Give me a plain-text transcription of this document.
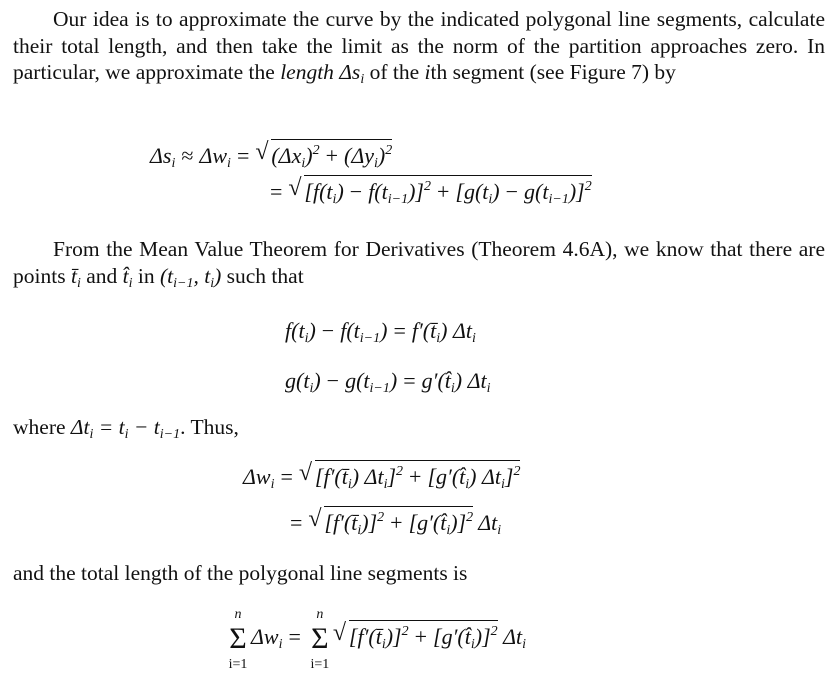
Our idea is to approximate the curve by the indicated polygonal line segments, calculate their total length, and then take the limit as the norm of the partition approaches zero. In particular, we approximate the length $\Delta s_i$ of the ith segment (see Figure 7) by
$\Delta s_i \approx \Delta w_i$ = √ $(\Delta x_i)^2 + (\Delta y_i)^2$
= √ $[f(t_i) - f(t_{i-1})]^2 + [g(t_i) - g(t_{i-1})]^2$
From the Mean Value Theorem for Derivatives (Theorem 4.6A), we know that there are points $t̄_i$ and $t̂_i$ in ($t_{i-1}$, $t_i$) such that
$f(t_i) - f(t_{i-1})$ = $f'(t̄_i)$ $\Delta t_i$
$g(t_i) - g(t_{i-1})$ = $g'(t̂_i)$ $\Delta t_i$
where $\Delta t_i = t_i - t_{i-1}$. Thus,
$\Delta w_i$ = √ $[f'(t̄_i) \Delta t_i]^2$ + [$g'(t̂_i)$ $\Delta t_i]^2$
= √ $[f'(t̄_i)]^2$ + $[g'(t̂_i)]^2$ $\Delta t_i$
and the total length of the polygonal line segments is
n
Σ
i=1
$\Delta w_i$ =
n
Σ
i=1
√ $[f'(t̄_i)]^2$ + $[g'(t̂_i)]^2$ $\Delta t_i$
